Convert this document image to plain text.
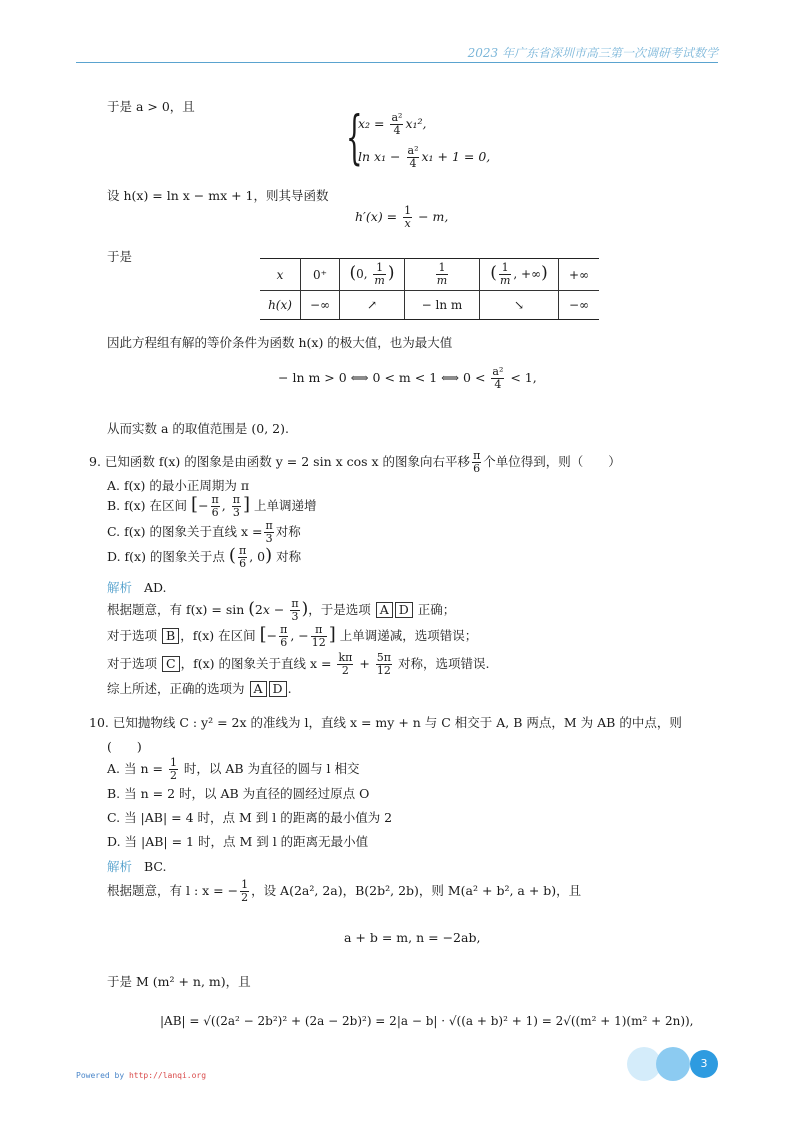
2023 年广东省深圳市高三第一次调研考试数学
于是 a > 0，且	{
$x_2 = \frac{\text{a²}}{4} x_1^2$,
$\ln x_1 - \frac{\text{a²}}{4} x_1 + 1 = 0$,
设 h(x) = ln x − mx + 1，则其导函数
$h'(x) = \frac{1}{x} - m$,
于是
x	0⁺	(0, $\frac{1}{m}$ )	$\frac{1}{m}$	( $\frac{1}{m}$ , +∞)	+∞
h(x)	−∞	↗	− ln m	↘	−∞
因此方程组有解的等价条件为函数 h(x) 的极大值，也为最大值
− ln m > 0 ⟺ 0 < m < 1 ⟺ $0 < \frac{\text{a²}}{4} < 1$,
从而实数 a 的取值范围是 (0, 2).
9. 已知函数 f(x) 的图象是由函数 y = 2 sin x cos x 的图象向右平移 $\frac{\pi}{6}$ 个单位得到，则（　　）
A. f(x) 的最小正周期为 π
B. f(x) 在区间 [− $\frac{\pi}{6}$ , $\frac{\pi}{3}$ ] 上单调递增
C. f(x) 的图象关于直线 $x = \frac{\pi}{3}$ 对称
D. f(x) 的图象关于点 ( $\frac{\pi}{6}$ , 0) 对称
解析 AD.
根据题意，有 $f(x) = \sin (2x - \frac{\pi}{3}$ )，于是选项 A D 正确；
对于选项 B ，f(x) 在区间 [− $\frac{\pi}{6}$ , − $\frac{\pi}{12}$ ] 上单调递减，选项错误；
对于选项 C ，f(x) 的图象关于直线 $x = \frac{k\pi}{2} + \frac{5\pi}{12}$ 对称，选项错误.
综上所述，正确的选项为 A D .
10. 已知抛物线 C : y² = 2x 的准线为 l，直线 x = my + n 与 C 相交于 A, B 两点，M 为 AB 的中点，则
(　　)
A. 当 $n = \frac{1}{2}$ 时，以 AB 为直径的圆与 l 相交
B. 当 n = 2 时，以 AB 为直径的圆经过原点 O
C. 当 |AB| = 4 时，点 M 到 l 的距离的最小值为 2
D. 当 |AB| = 1 时，点 M 到 l 的距离无最小值
解析 BC.
根据题意，有 l : x = − $\frac{1}{2}$ ，设 A(2a², 2a)，B(2b², 2b)，则 M(a² + b², a + b)，且
a + b = m, n = −2ab,
于是 M (m² + n, m)，且
|AB| = √((2a² − 2b²)² + (2a − 2b)²) = 2|a − b| · √((a + b)² + 1) = 2√((m² + 1)(m² + 2n)),
3
Powered by http://lanqi.org
